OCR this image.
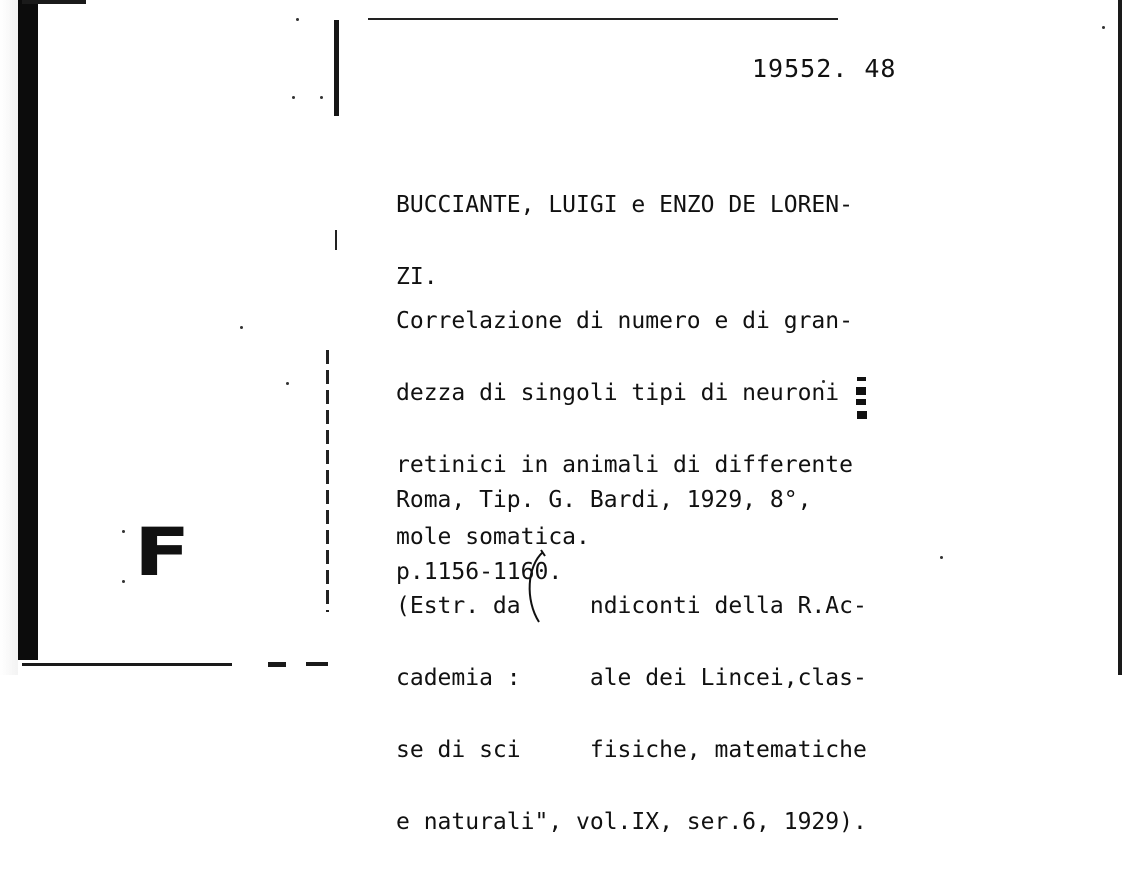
F
19552. 48

BUCCIANTE, LUIGI e ENZO DE LOREN-

ZI.

Correlazione di numero e di gran-

dezza di singoli tipi di neuroni

retinici in animali di differente

mole somatica.

Roma, Tip. G. Bardi, 1929, 8°,

p.1156-1160.

(Estr. da     ndiconti della R.Ac-

cademia :     ale dei Lincei,clas-

se di sci     fisiche, matematiche

e naturali", vol.IX, ser.6, 1929).
